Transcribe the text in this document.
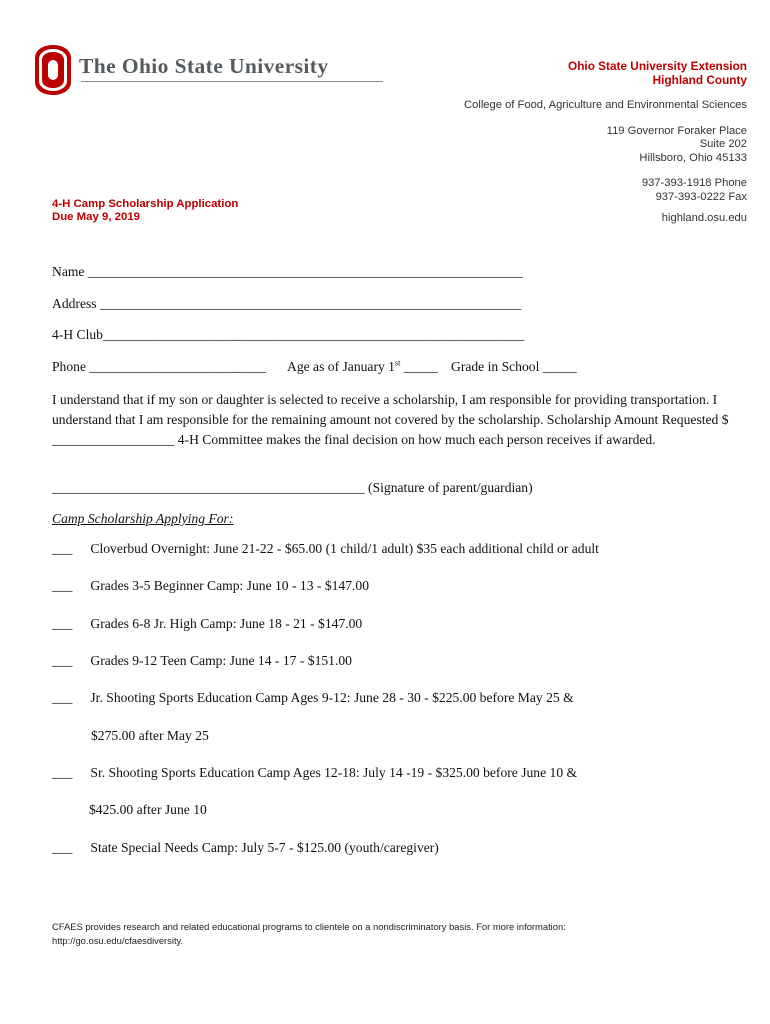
The Ohio State University	Ohio State University Extension

Highland County

College of Food, Agriculture and Environmental Sciences

119 Governor Foraker Place

Suite 202

Hillsboro, Ohio 45133

937-393-1918 Phone

937-393-0222 Fax

highland.osu.edu

4-H Camp Scholarship Application
Due May 9, 2019
Name ________________________________________________________________
Address ______________________________________________________________
4-H Club______________________________________________________________
Phone __________________________ Age as of January 1st _____ Grade in School _____
I understand that if my son or daughter is selected to receive a scholarship, I am responsible for providing transportation. I understand that I am responsible for the remaining amount not covered by the scholarship. Scholarship Amount Requested $ __________________ 4-H Committee makes the final decision on how much each person receives if awarded.
______________________________________________ (Signature of parent/guardian)
Camp Scholarship Applying For:
___ Cloverbud Overnight: June 21-22 - $65.00 (1 child/1 adult) $35 each additional child or adult
___ Grades 3-5 Beginner Camp: June 10 - 13 - $147.00
___ Grades 6-8 Jr. High Camp: June 18 - 21 - $147.00
___ Grades 9-12 Teen Camp: June 14 - 17 - $151.00
___ Jr. Shooting Sports Education Camp Ages 9-12: June 28 - 30 - $225.00 before May 25 &
$275.00 after May 25
___ Sr. Shooting Sports Education Camp Ages 12-18: July 14 -19 - $325.00 before June 10 &
$425.00 after June 10
___ State Special Needs Camp: July 5-7 - $125.00 (youth/caregiver)
CFAES provides research and related educational programs to clientele on a nondiscriminatory basis. For more information:
http://go.osu.edu/cfaesdiversity.
